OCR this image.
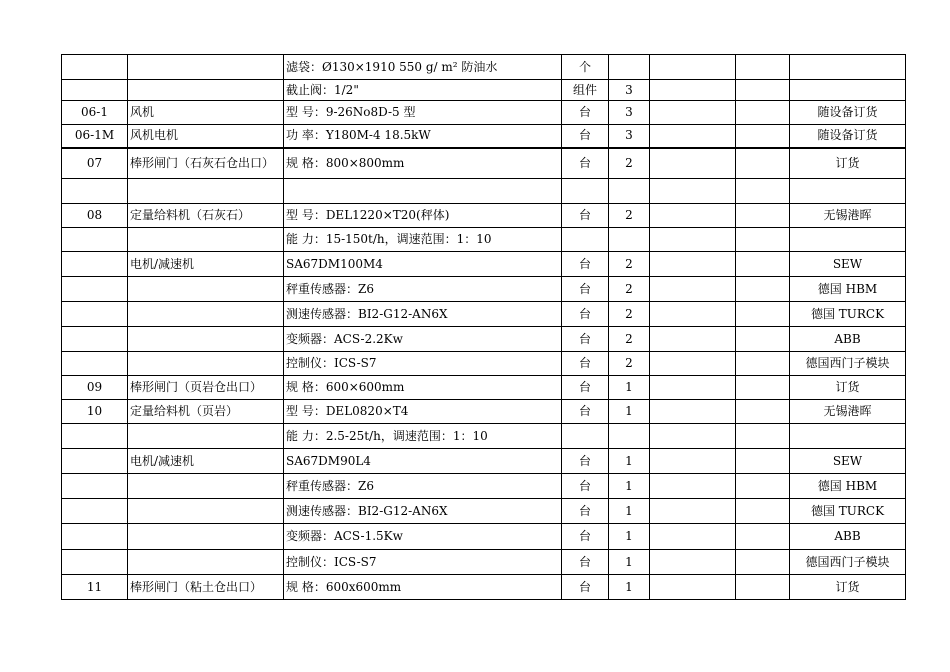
		滤袋：Ø130×1910 550 g/ m² 防油水	个				
		截止阀：1/2"	组件	3			
06-1	风机	型 号：9-26No8D-5 型	台	3			随设备订货
06-1M	风机电机	功 率：Y180M-4 18.5kW	台	3			随设备订货
07	棒形闸门（石灰石仓出口）	规 格：800×800mm	台	2			订货

08	定量给料机（石灰石）	型 号：DEL1220×T20(秤体)	台	2			无锡港晖
		能 力：15-150t/h，调速范围：1：10					
	电机/减速机	SA67DM100M4	台	2			SEW
		秤重传感器：Z6	台	2			德国 HBM
		测速传感器：BI2-G12-AN6X	台	2			德国 TURCK
		变频器：ACS-2.2Kw	台	2			ABB
		控制仪：ICS-S7	台	2			德国西门子模块
09	棒形闸门（页岩仓出口）	规 格：600×600mm	台	1			订货
10	定量给料机（页岩）	型 号：DEL0820×T4	台	1			无锡港晖
		能 力：2.5-25t/h，调速范围：1：10					
	电机/减速机	SA67DM90L4	台	1			SEW
		秤重传感器：Z6	台	1			德国 HBM
		测速传感器：BI2-G12-AN6X	台	1			德国 TURCK
		变频器：ACS-1.5Kw	台	1			ABB
		控制仪：ICS-S7	台	1			德国西门子模块
11	棒形闸门（粘土仓出口）	规 格：600x600mm	台	1			订货
